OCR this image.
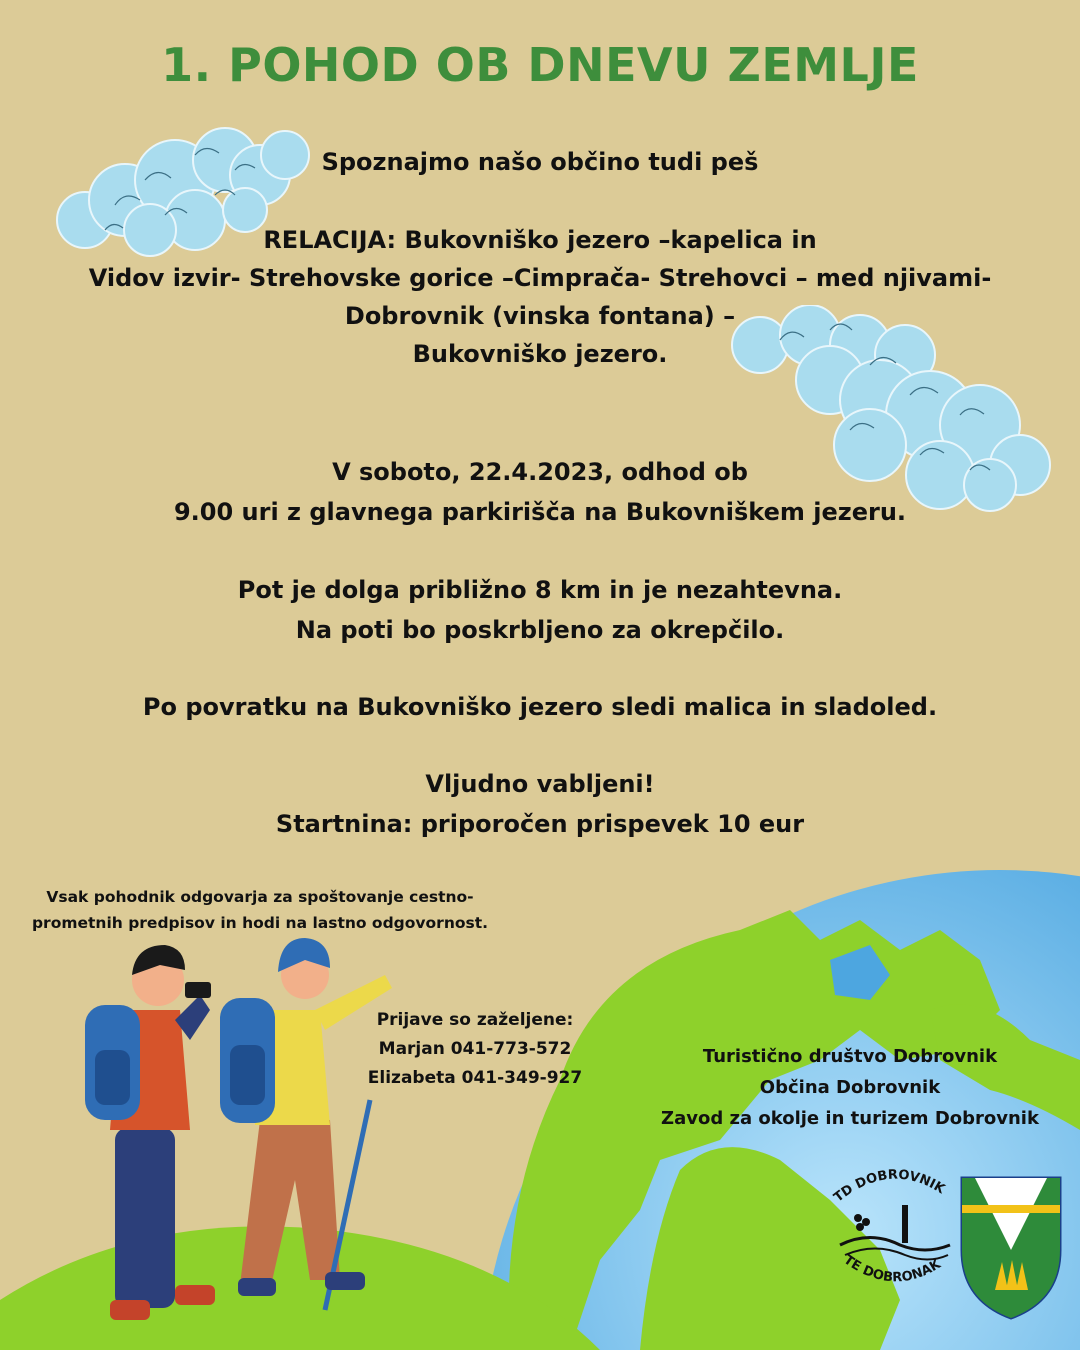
1. POHOD OB DNEVU ZEMLJE

Spoznajmo našo občino tudi peš

RELACIJA: Bukovniško jezero –kapelica in

Vidov izvir- Strehovske gorice –Cimprača- Strehovci – med njivami-

Dobrovnik (vinska fontana) –

Bukovniško jezero.

V soboto, 22.4.2023, odhod ob

9.00 uri z glavnega parkirišča na Bukovniškem jezeru.

Pot je dolga približno 8 km in je nezahtevna.

Na poti bo poskrbljeno za okrepčilo.

Po povratku na Bukovniško jezero sledi malica in sladoled.

Vljudno vabljeni!

Startnina: priporočen prispevek 10 eur

Vsak pohodnik odgovarja za spoštovanje cestno-

prometnih predpisov in hodi na lastno odgovornost.

Prijave so zaželjene:
Marjan 041-773-572
Elizabeta 041-349-927
Turistično društvo Dobrovnik
Občina Dobrovnik
Zavod za okolje in turizem Dobrovnik
TD DOBROVNIK
TE DOBRONAK
